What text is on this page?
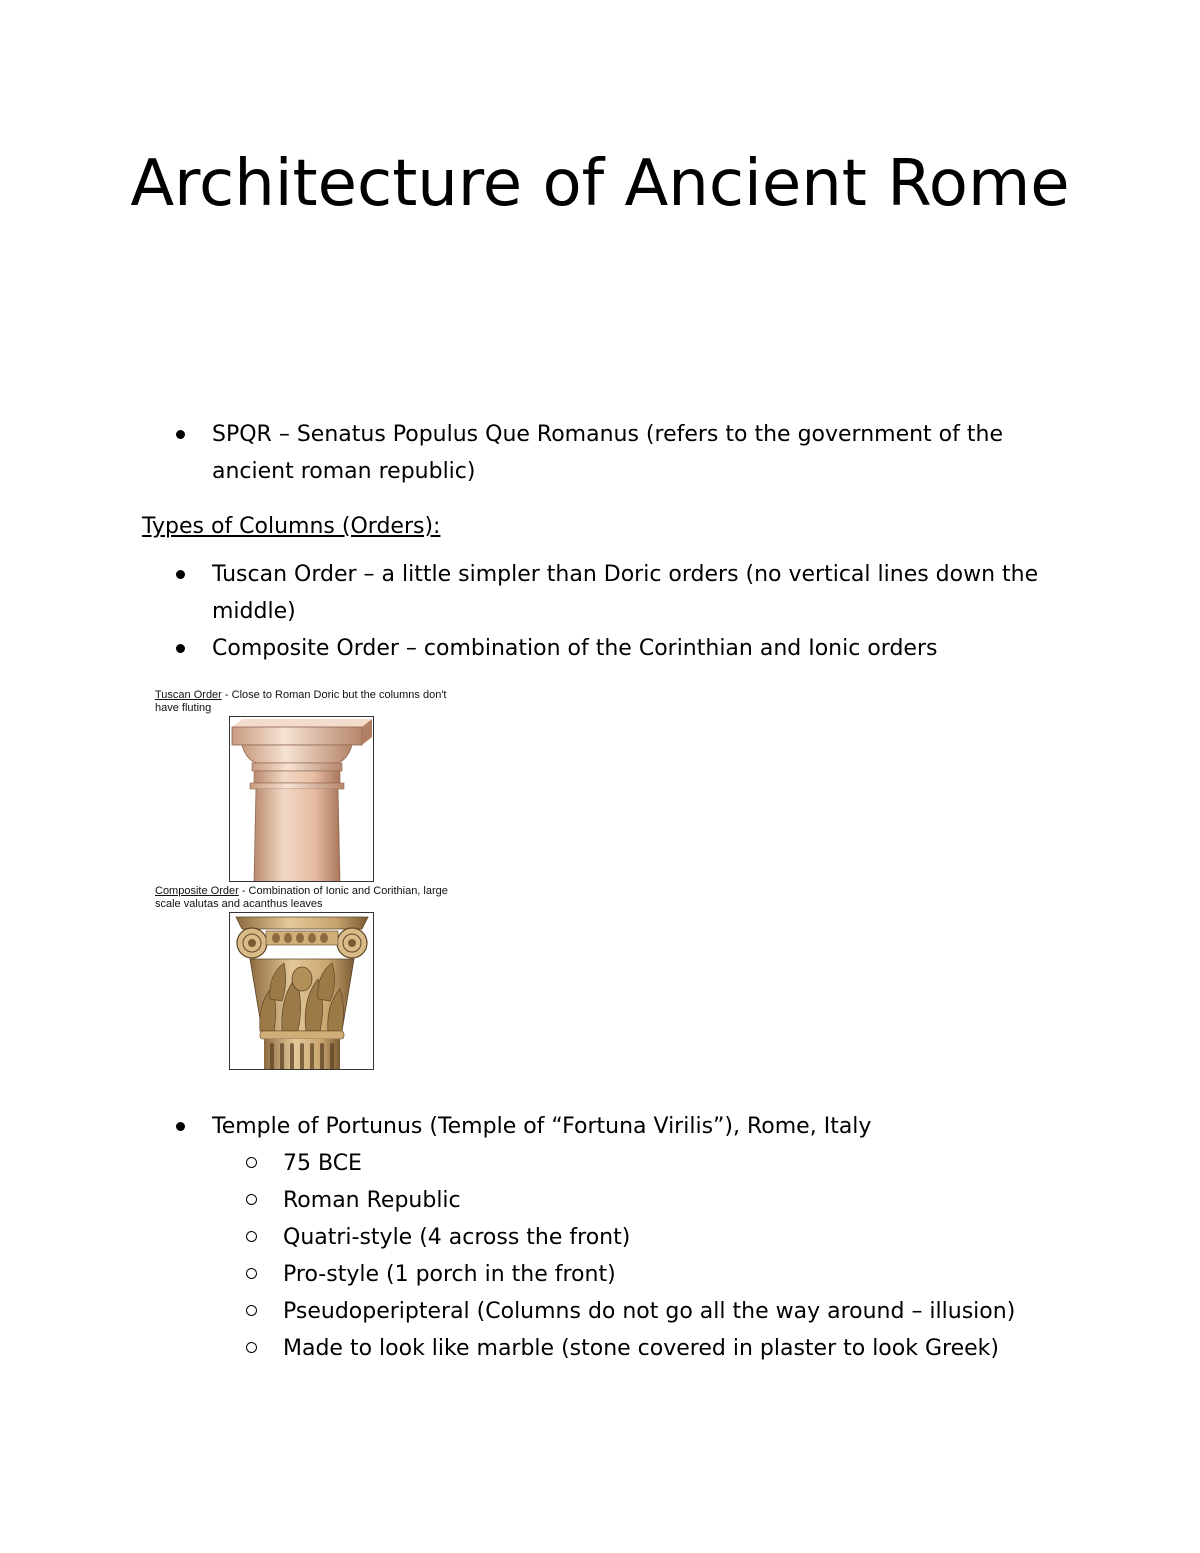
Architecture of Ancient Rome
SPQR – Senatus Populus Que Romanus (refers to the government of the ancient roman republic)

Types of Columns (Orders):

Tuscan Order – a little simpler than Doric orders (no vertical lines down the middle)
Composite Order – combination of the Corinthian and Ionic orders
Tuscan Order - Close to Roman Doric but the columns don't have fluting
Composite Order - Combination of Ionic and Corithian, large scale valutas and acanthus leaves
Temple of Portunus (Temple of “Fortuna Virilis”), Rome, Italy
75 BCE
Roman Republic
Quatri-style (4 across the front)
Pro-style (1 porch in the front)
Pseudoperipteral (Columns do not go all the way around – illusion)
Made to look like marble (stone covered in plaster to look Greek)
